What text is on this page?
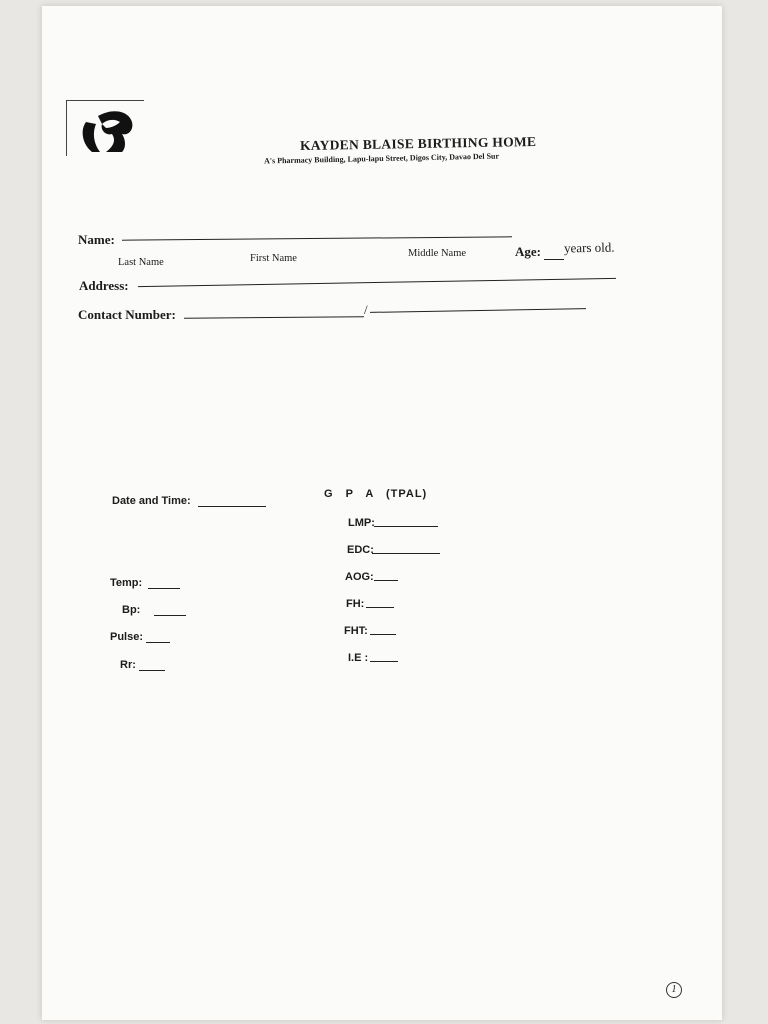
KAYDEN BLAISE BIRTHING HOME
A's Pharmacy Building, Lapu-lapu Street, Digos City, Davao Del Sur
Name:
Last Name	First Name	Middle Name	Age: years old.
Address:
Contact Number:	/
Date and Time:
Temp:
Bp:
Pulse:
Rr:
G P A (TPAL)
LMP:
EDC:
AOG:
FH:
FHT:
I.E :
1
